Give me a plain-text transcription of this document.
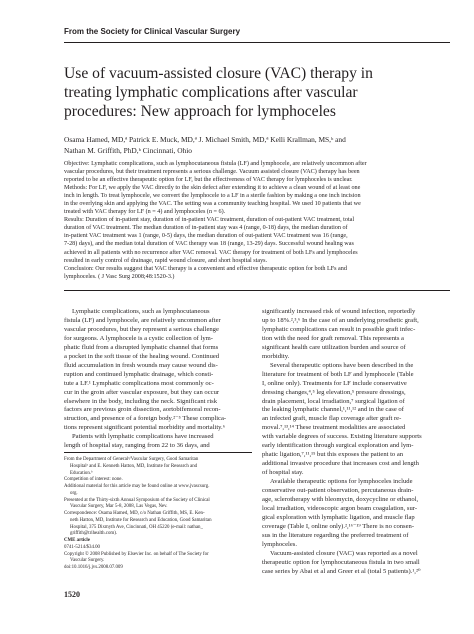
From the Society for Clinical Vascular Surgery
Use of vacuum-assisted closure (VAC) therapy in
treating lymphatic complications after vascular
procedures: New approach for lymphoceles
Osama Hamed, MD,ª Patrick E. Muck, MD,ª J. Michael Smith, MD,ª Kelli Krallman, MS,ᵇ and
Nathan M. Griffith, PhD,ᵇ Cincinnati, Ohio
Objective: Lymphatic complications, such as lymphocutaneous fistula (LF) and lymphocele, are relatively uncommon after
vascular procedures, but their treatment represents a serious challenge. Vacuum assisted closure (VAC) therapy has been
reported to be an effective therapeutic option for LF, but the effectiveness of VAC therapy for lymphoceles is unclear.
Methods: For LF, we apply the VAC directly to the skin defect after extending it to achieve a clean wound of at least one
inch in length. To treat lymphocele, we convert the lymphocele to a LF in a sterile fashion by making a one inch incision
in the overlying skin and applying the VAC. The setting was a community teaching hospital. We used 10 patients that we
treated with VAC therapy for LF (n = 4) and lymphoceles (n = 6).
Results: Duration of in-patient stay, duration of in-patient VAC treatment, duration of out-patient VAC treatment, total
duration of VAC treatment. The median duration of in-patient stay was 4 (range, 0-18) days, the median duration of
in-patient VAC treatment was 1 (range, 0-5) days, the median duration of out-patient VAC treatment was 16 (range,
7-28) days), and the median total duration of VAC therapy was 18 (range, 13-29) days. Successful wound healing was
achieved in all patients with no recurrence after VAC removal. VAC therapy for treatment of both LFs and lymphoceles
resulted in early control of drainage, rapid wound closure, and short hospital stays.
Conclusion: Our results suggest that VAC therapy is a convenient and effective therapeutic option for both LFs and
lymphoceles. ( J Vasc Surg 2008;48:1520-3.)
Lymphatic complications, such as lymphocutaneous
fistula (LF) and lymphocele, are relatively uncommon after
vascular procedures, but they represent a serious challenge
for surgeons. A lymphocele is a cystic collection of lym-
phatic fluid from a disrupted lymphatic channel that forms
a pocket in the soft tissue of the healing wound. Continued
fluid accumulation in fresh wounds may cause wound dis-
ruption and continued lymphatic drainage, which consti-
tute a LF.¹ Lymphatic complications most commonly oc-
cur in the groin after vascular exposure, but they can occur
elsewhere in the body, including the neck. Significant risk
factors are previous groin dissection, aortobifemoral recon-
struction, and presence of a foreign body.²⁻⁵ These complica-
tions represent significant potential morbidity and mortality.⁶
Patients with lymphatic complications have increased
length of hospital stay, ranging from 22 to 36 days, and
From the Department of Generalᵃ/Vascular Surgery, Good Samaritan
Hospitalᵃ and E. Kenneth Hatton, MD, Institute for Research and
Education.ᵇ
Competition of interest: none.
Additional material for this article may be found online at www.jvascsurg.
org.
Presented at the Thirty-sixth Annual Symposium of the Society of Clinical
Vascular Surgery, Mar 5-8, 2008, Las Vegas, Nev.
Correspondence: Osama Hamed, MD, c/o Nathan Griffith, MS, E. Ken-
neth Hatton, MD, Institute for Research and Education, Good Samaritan
Hospital, 375 Dixmyth Ave, Cincinnati, OH 45220 (e-mail: nathan_
griffith@trihealth.com).
CME article
0741-5214/$34.00
Copyright © 2008 Published by Elsevier Inc. on behalf of The Society for
Vascular Surgery.
doi:10.1016/j.jvs.2008.07.009
significantly increased risk of wound infection, reportedly
up to 18%.²,³,⁶ In the case of an underlying prosthetic graft,
lymphatic complications can result in possible graft infec-
tion with the need for graft removal. This represents a
significant health care utilization burden and source of
morbidity.
Several therapeutic options have been described in the
literature for treatment of both LF and lymphocele (Table
I, online only). Treatments for LF include conservative
dressing changes,⁴,⁵ leg elevation,⁵ pressure dressings,
drain placement, local irradiation,⁷ surgical ligation of
the leaking lymphatic channel,¹,¹¹,¹² and in the case of
an infected graft, muscle flap coverage after graft re-
moval.⁷,¹³,¹⁴ These treatment modalities are associated
with variable degrees of success. Existing literature supports
early identification through surgical exploration and lym-
phatic ligation,⁷,¹¹,¹⁵ but this exposes the patient to an
additional invasive procedure that increases cost and length
of hospital stay.
Available therapeutic options for lymphoceles include
conservative out-patient observation, percutaneous drain-
age, sclerotherapy with bleomycin, doxycycline or ethanol,
local irradiation, videoscopic argon beam coagulation, sur-
gical exploration with lymphatic ligation, and muscle flap
coverage (Table I, online only).²,¹⁶⁻¹⁹ There is no consen-
sus in the literature regarding the preferred treatment of
lymphoceles.
Vacuum-assisted closure (VAC) was reported as a novel
therapeutic option for lymphocutaneous fistula in two small
case series by Abai et al and Greer et al (total 5 patients).¹,²⁰
1520
